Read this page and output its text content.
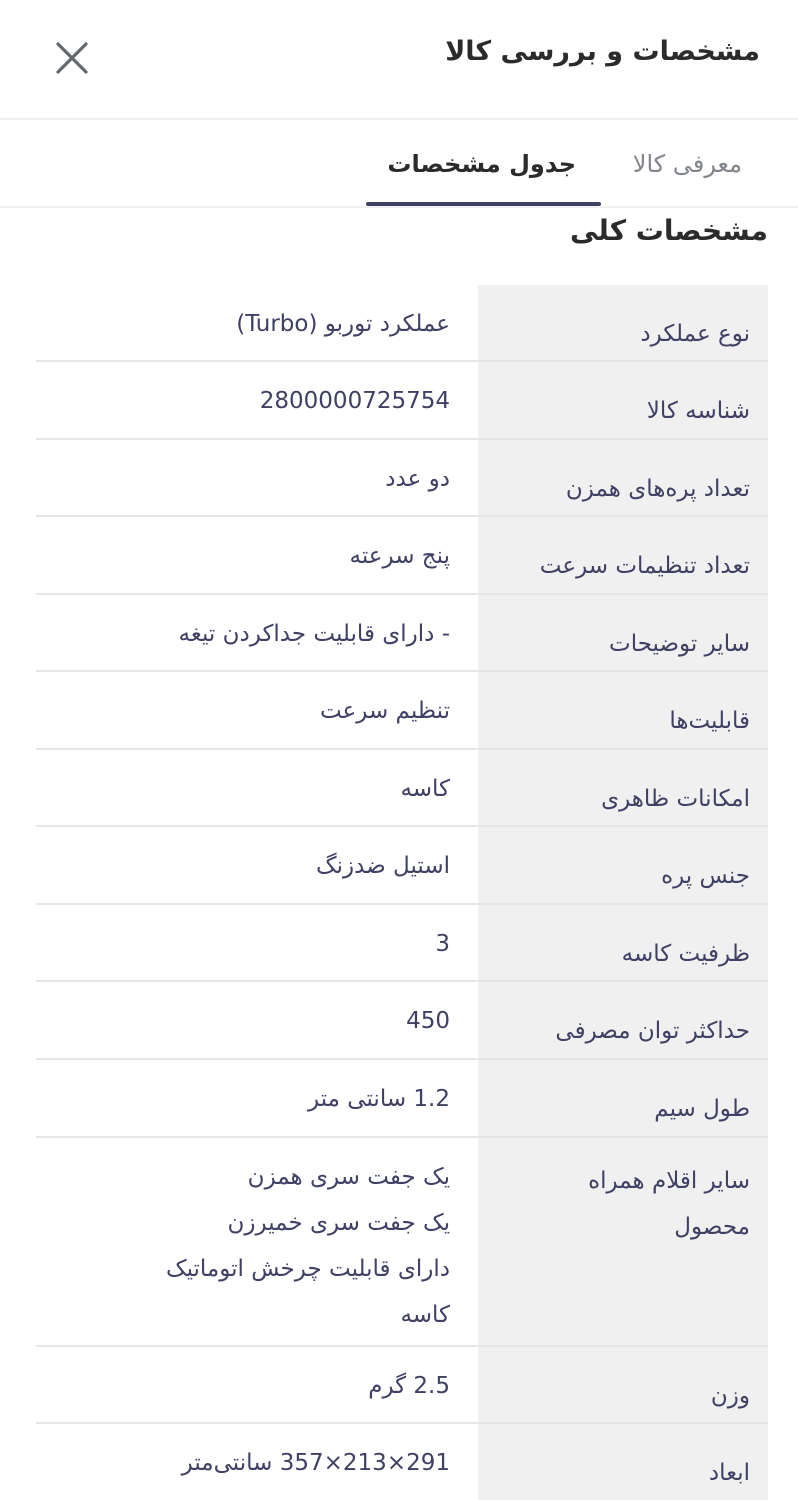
مشخصات و بررسی کالا
معرفی کالا
جدول مشخصات
مشخصات کلی
نوع عملکرد
عملکرد توربو (Turbo)
شناسه کالا
2800000725754
تعداد پره‌های همزن
دو عدد
تعداد تنظیمات سرعت
پنج سرعته
سایر توضیحات
- دارای قابلیت جداکردن تیغه
قابلیت‌ها
تنظیم سرعت
امکانات ظاهری
کاسه
جنس پره
استیل ضدزنگ
ظرفیت کاسه
3
حداکثر توان مصرفی
450
طول سیم
1.2 سانتی متر
سایر اقلام همراه محصول
یک جفت سری همزن
یک جفت سری خمیرزن
دارای قابلیت چرخش اتوماتیک
کاسه
وزن
2.5 گرم
ابعاد
291×213×357 سانتی‌متر
